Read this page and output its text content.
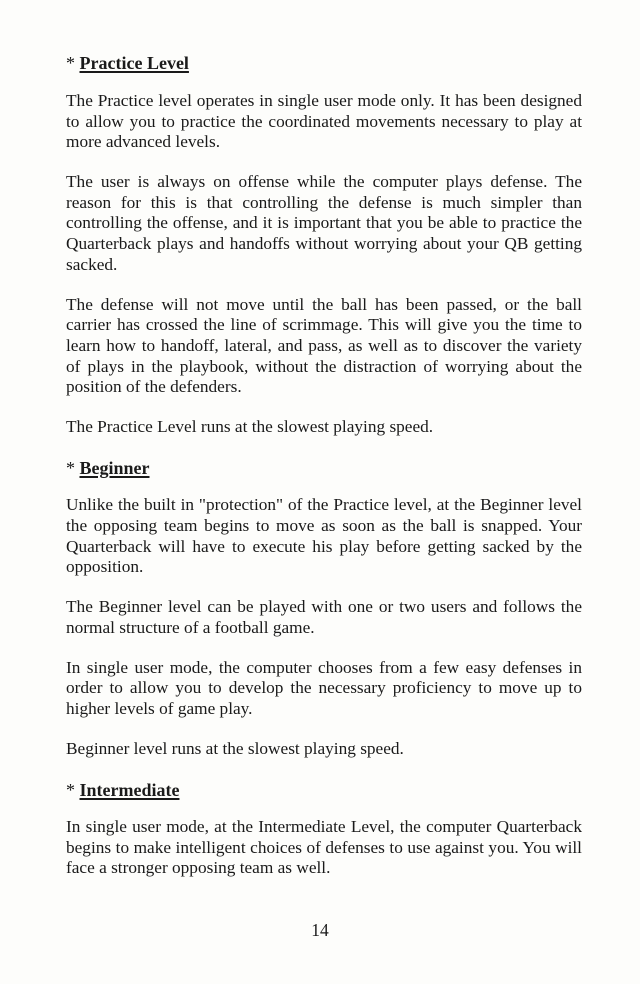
* Practice Level

The Practice level operates in single user mode only. It has been designed to allow you to practice the coordinated movements necessary to play at more advanced levels.

The user is always on offense while the computer plays defense. The reason for this is that controlling the defense is much simpler than controlling the offense, and it is important that you be able to practice the Quarterback plays and handoffs without worrying about your QB getting sacked.

The defense will not move until the ball has been passed, or the ball carrier has crossed the line of scrimmage. This will give you the time to learn how to handoff, lateral, and pass, as well as to discover the variety of plays in the playbook, without the distraction of worrying about the position of the defenders.

The Practice Level runs at the slowest playing speed.

* Beginner

Unlike the built in "protection" of the Practice level, at the Beginner level the opposing team begins to move as soon as the ball is snapped. Your Quarterback will have to execute his play before getting sacked by the opposition.

The Beginner level can be played with one or two users and follows the normal structure of a football game.

In single user mode, the computer chooses from a few easy defenses in order to allow you to develop the necessary proficiency to move up to higher levels of game play.

Beginner level runs at the slowest playing speed.

* Intermediate

In single user mode, at the Intermediate Level, the computer Quarterback begins to make intelligent choices of defenses to use against you. You will face a stronger opposing team as well.

14
